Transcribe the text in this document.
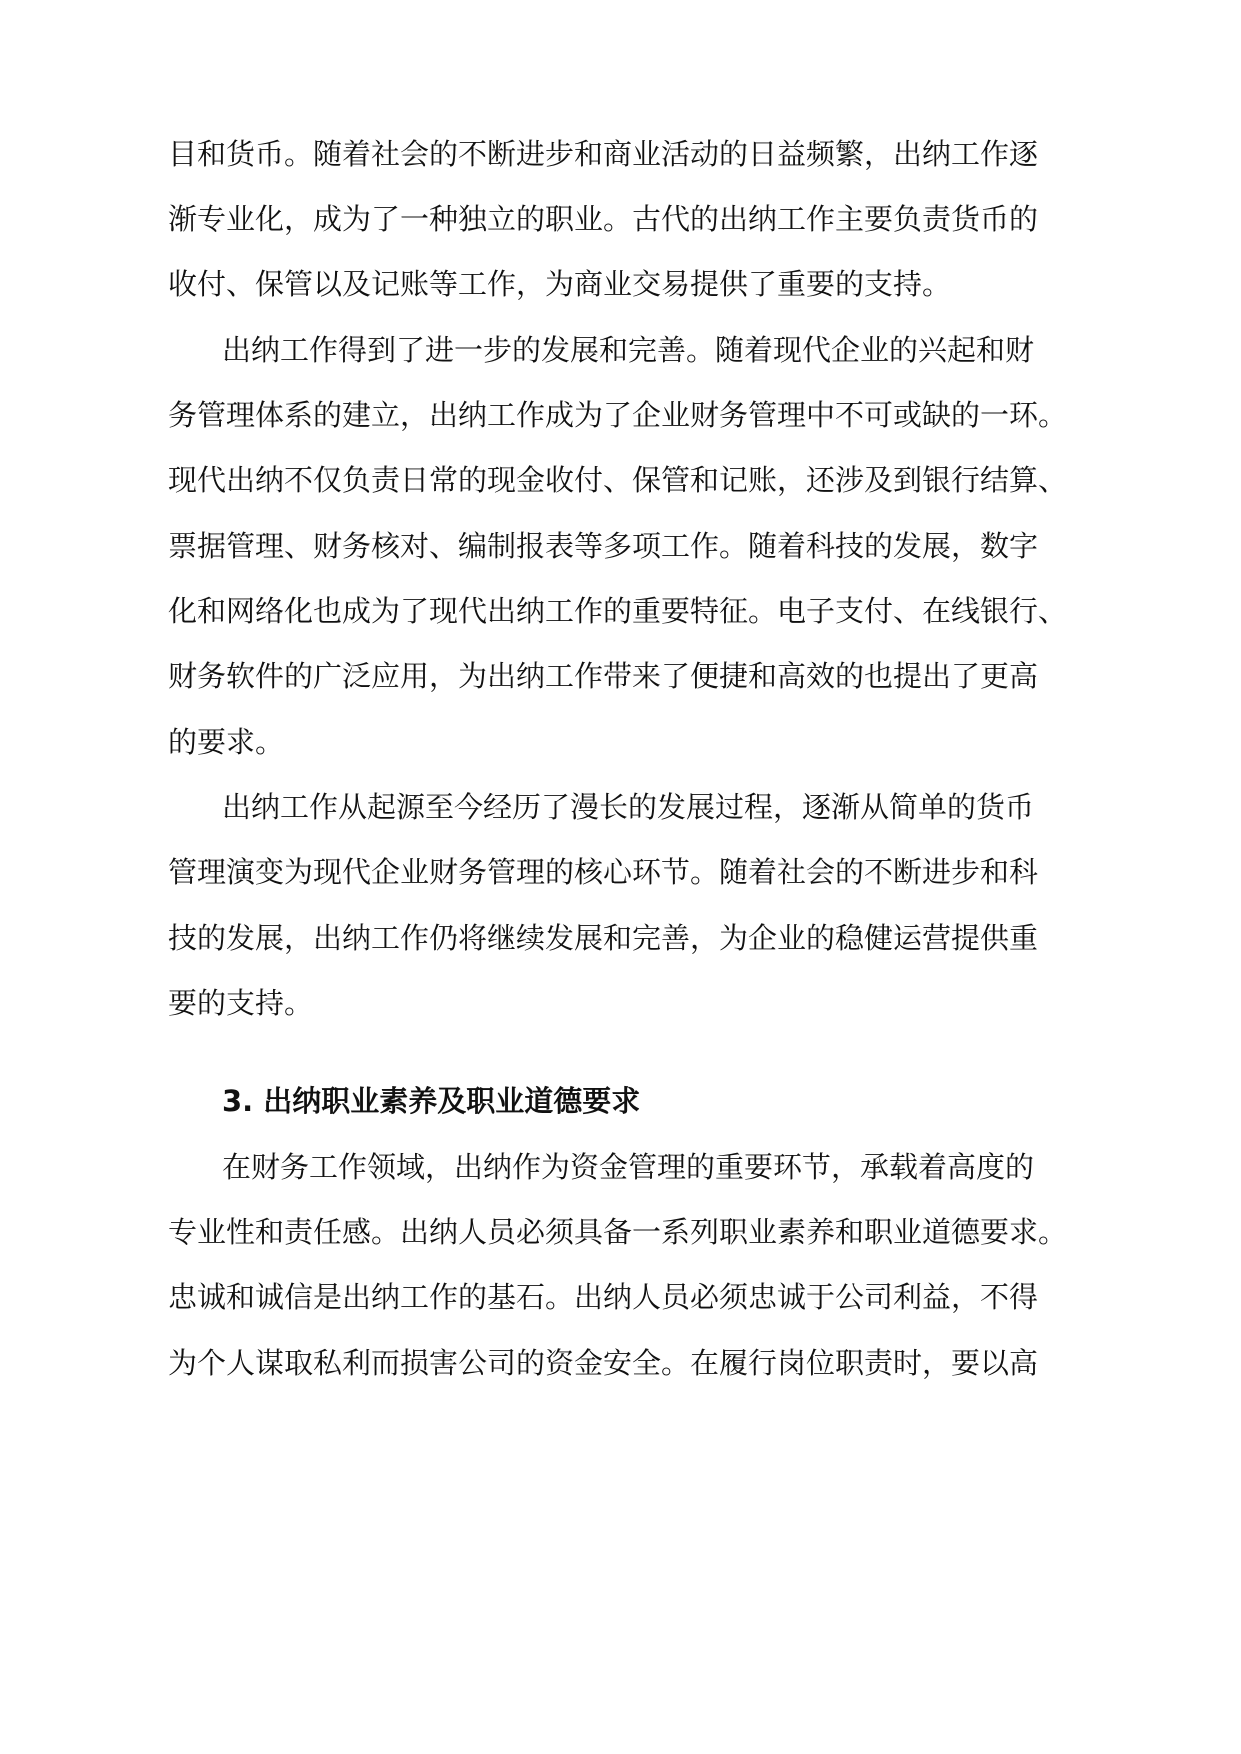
目和货币。随着社会的不断进步和商业活动的日益频繁，出纳工作逐
渐专业化，成为了一种独立的职业。古代的出纳工作主要负责货币的
收付、保管以及记账等工作，为商业交易提供了重要的支持。
出纳工作得到了进一步的发展和完善。随着现代企业的兴起和财
务管理体系的建立，出纳工作成为了企业财务管理中不可或缺的一环。
现代出纳不仅负责日常的现金收付、保管和记账，还涉及到银行结算、
票据管理、财务核对、编制报表等多项工作。随着科技的发展，数字
化和网络化也成为了现代出纳工作的重要特征。电子支付、在线银行、
财务软件的广泛应用，为出纳工作带来了便捷和高效的也提出了更高
的要求。
出纳工作从起源至今经历了漫长的发展过程，逐渐从简单的货币
管理演变为现代企业财务管理的核心环节。随着社会的不断进步和科
技的发展，出纳工作仍将继续发展和完善，为企业的稳健运营提供重
要的支持。
3. 出纳职业素养及职业道德要求
在财务工作领域，出纳作为资金管理的重要环节，承载着高度的
专业性和责任感。出纳人员必须具备一系列职业素养和职业道德要求。
忠诚和诚信是出纳工作的基石。出纳人员必须忠诚于公司利益，不得
为个人谋取私利而损害公司的资金安全。在履行岗位职责时，要以高
